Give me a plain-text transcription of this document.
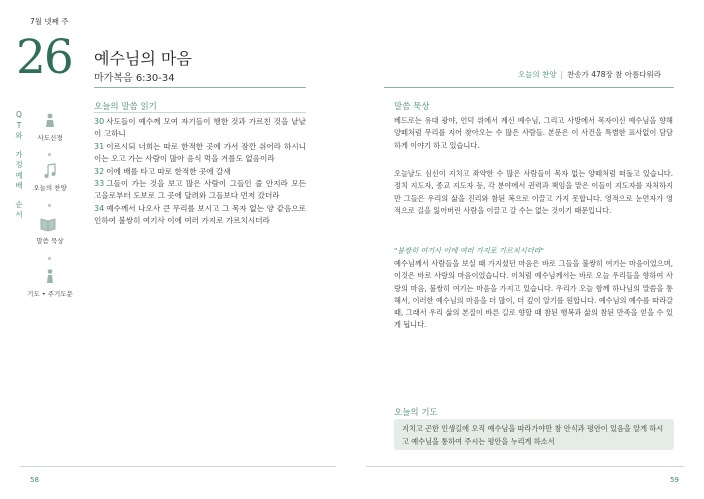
7월 넷째 주
26 예수님의 마음
마가복음 6:30-34
Q
T
와
가
정
예
배
순
서
사도신경
오늘의 찬양
말씀 묵상
기도 • 주기도문
오늘의 말씀 읽기
30 사도들이 예수께 모여 자기들이 행한 것과 가르친 것을 낱낱이 고하니
31 이르시되 너희는 따로 한적한 곳에 가서 잠깐 쉬어라 하시니 이는 오고 가는 사람이 많아 음식 먹을 겨를도 없음이라
32 이에 배를 타고 따로 한적한 곳에 갈새
33 그들이 가는 것을 보고 많은 사람이 그들인 줄 안지라 모든 고을로부터 도보로 그 곳에 달려와 그들보다 먼저 갔더라
34 예수께서 나오사 큰 무리를 보시고 그 목자 없는 양 같음으로 인하여 불쌍히 여기사 이에 여러 가지로 가르치시더라
58
오늘의 찬양 | 찬송가 478장 참 아름다워라
말씀 묵상
베드로는 유대 광야, 언덕 위에서 계신 예수님, 그리고 사방에서 목자이신 예수님을 향해 양떼처럼 무리를 지어 찾아오는 수 많은 사람들. 본문은 이 사건을 특별한 표사없이 담담하게 이야기 하고 있습니다.
오늘날도 심신이 지치고 좌약한 수 많은 사람들이 목자 없는 양떼처럼 떠돌고 있습니다. 정치 지도자, 종교 지도자 등, 각 분야에서 권력과 책임을 맡은 이들이 지도자를 자처하지만 그들은 우리의 삶을 진리와 참된 복으로 이끌고 가지 못합니다. 영적으로 눈먼자가 영적으로 길을 잃어버린 사람을 이끌고 갈 수는 없는 것이기 때문입니다.
"불쌍히 여기사 이에 여러 가지로 가르치시더라"
예수님께서 사람들을 보실 때 가지셨던 마음은 바로 그들을 불쌍히 여기는 마음이었으며, 이것은 바로 사랑의 마음이었습니다. 이처럼 예수님께서는 바로 오늘 우리들을 향하여 사랑의 마음, 불쌍히 여기는 마음을 가지고 있습니다. 우리가 오늘 함께 하나님의 말씀을 통해서, 이러한 예수님의 마음을 더 많이, 더 깊이 알기를 원합니다. 예수님의 예수를 따라갈 때, 그래서 우리 삶의 본질이 바른 길로 향할 때 참된 행복과 삶의 참된 만족을 얻을 수 있게 됩니다.
오늘의 기도
지치고 곤한 인생길에 오직 예수님을 따라가야만 참 안식과 평안이 있음을 알게 하시고 예수님을 통하여 주시는 평안을 누리게 하소서
59
